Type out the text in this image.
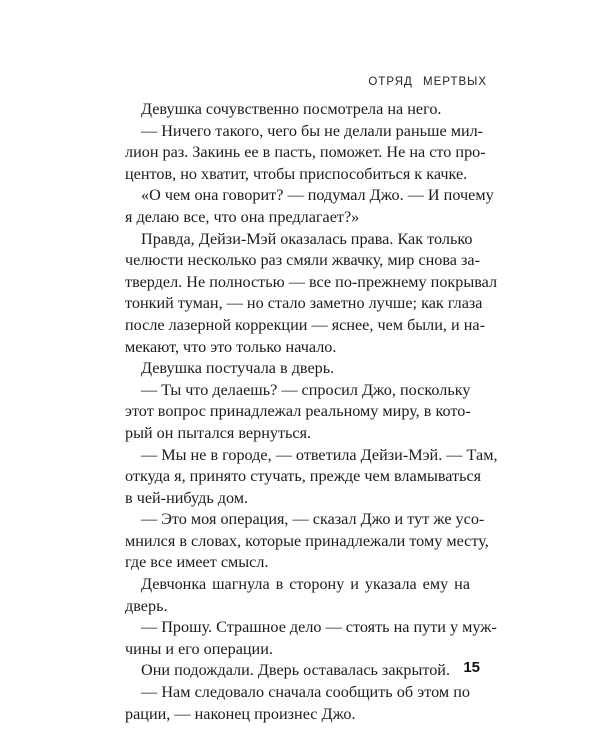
ОТРЯД МЕРТВЫХ
Девушка сочувственно посмотрела на него.
— Ничего такого, чего бы не делали раньше мил-
лион раз. Закинь ее в пасть, поможет. Не на сто про-
центов, но хватит, чтобы приспособиться к качке.
«О чем она говорит? — подумал Джо. — И почему
я делаю все, что она предлагает?»
Правда, Дейзи-Мэй оказалась права. Как только
челюсти несколько раз смяли жвачку, мир снова за-
твердел. Не полностью — все по-прежнему покрывал
тонкий туман, — но стало заметно лучше; как глаза
после лазерной коррекции — яснее, чем были, и на-
мекают, что это только начало.
Девушка постучала в дверь.
— Ты что делаешь? — спросил Джо, поскольку
этот вопрос принадлежал реальному миру, в кото-
рый он пытался вернуться.
— Мы не в городе, — ответила Дейзи-Мэй. — Там,
откуда я, принято стучать, прежде чем вламываться
в чей-нибудь дом.
— Это моя операция, — сказал Джо и тут же усо-
мнился в словах, которые принадлежали тому месту,
где все имеет смысл.
Девчонка шагнула в сторону и указала ему на
дверь.
— Прошу. Страшное дело — стоять на пути у муж-
чины и его операции.
Они подождали. Дверь оставалась закрытой.
— Нам следовало сначала сообщить об этом по
рации, — наконец произнес Джо.
15
